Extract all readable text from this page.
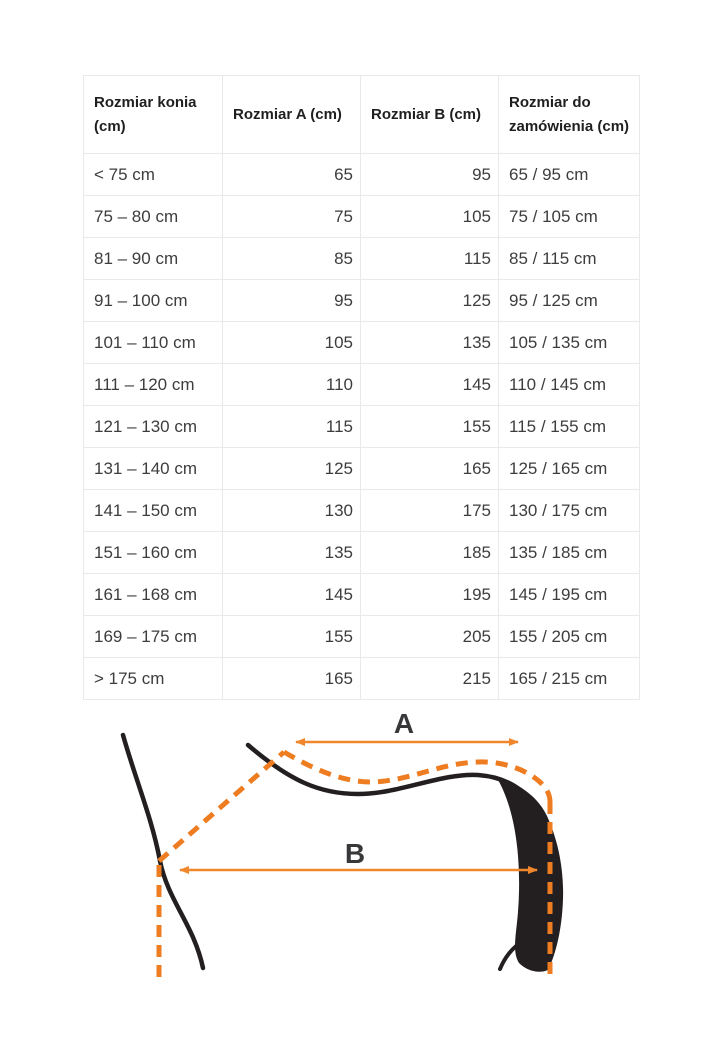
Rozmiar konia (cm)	Rozmiar A (cm)	Rozmiar B (cm)	Rozmiar do zamówienia (cm)
< 75 cm	65	95	65 / 95 cm
75 – 80 cm	75	105	75 / 105 cm
81 – 90 cm	85	115	85 / 115 cm
91 – 100 cm	95	125	95 / 125 cm
101 – 110 cm	105	135	105 / 135 cm
111 – 120 cm	110	145	110 / 145 cm
121 – 130 cm	115	155	115 / 155 cm
131 – 140 cm	125	165	125 / 165 cm
141 – 150 cm	130	175	130 / 175 cm
151 – 160 cm	135	185	135 / 185 cm
161 – 168 cm	145	195	145 / 195 cm
169 – 175 cm	155	205	155 / 205 cm
> 175 cm	165	215	165 / 215 cm
A
B
